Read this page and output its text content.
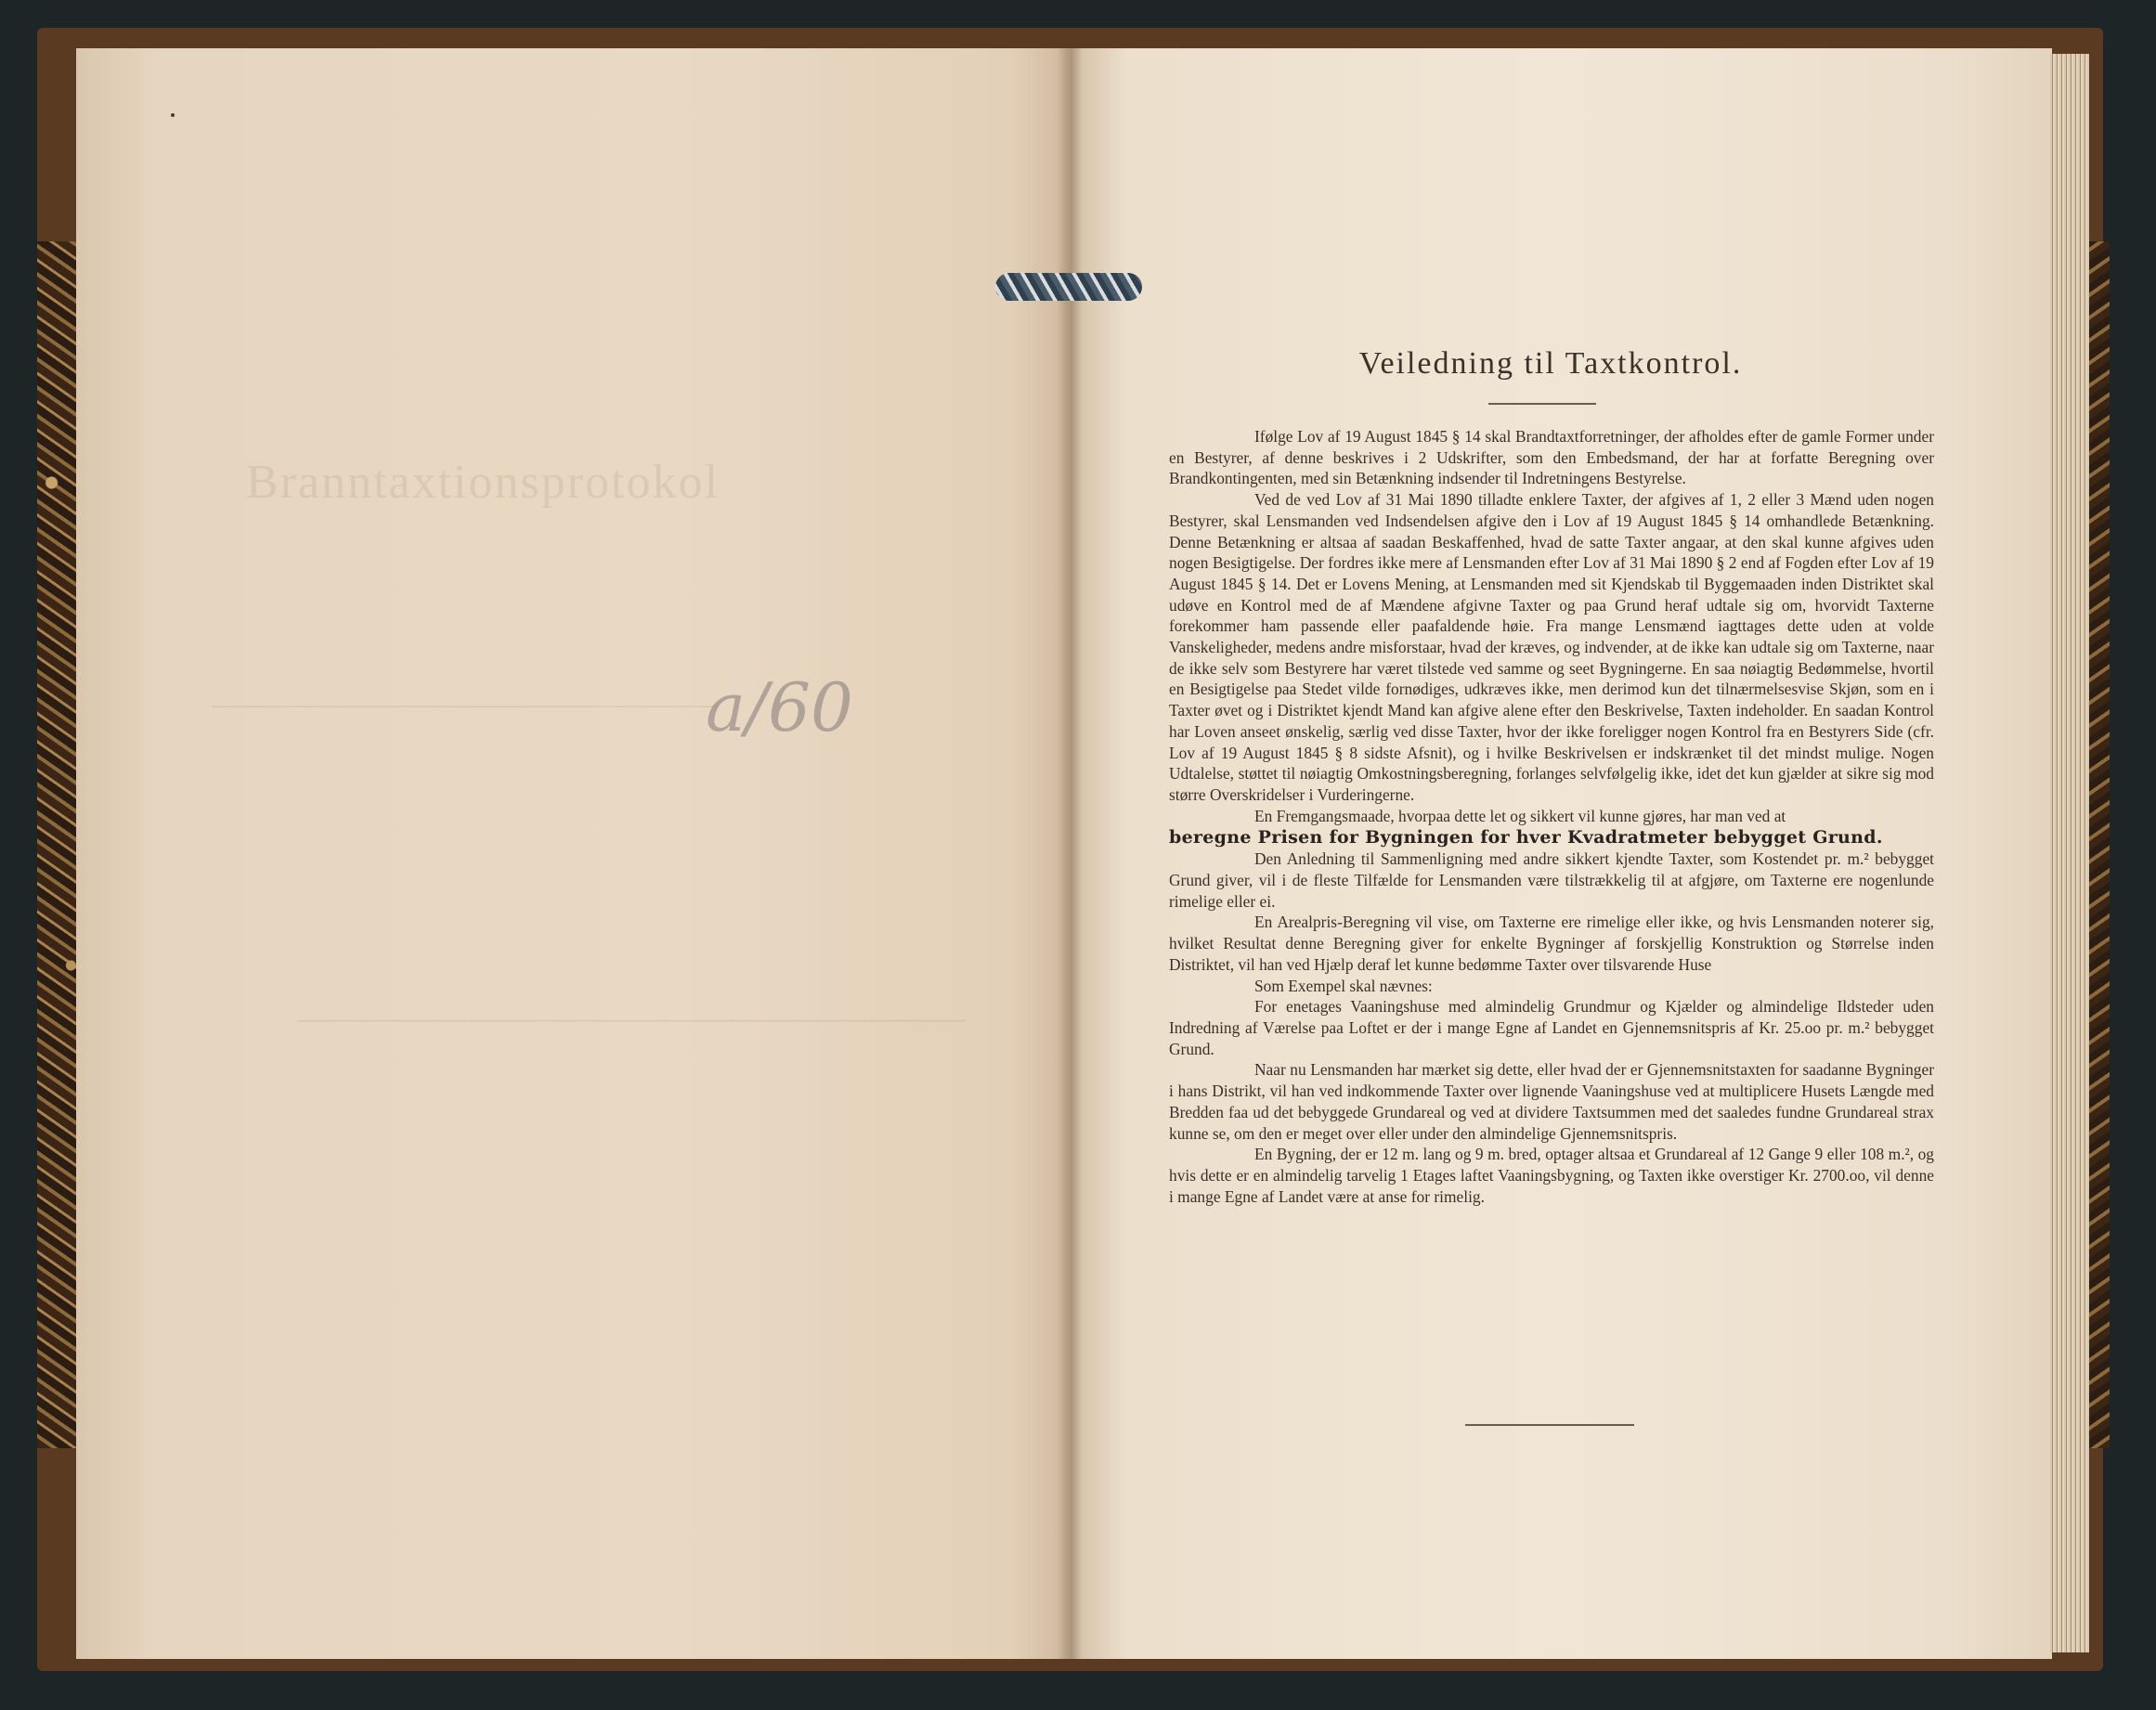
Branntaxtionsprotokol
————————————————
————————————————————
a/60
Veiledning til Taxtkontrol.

Ifølge Lov af 19 August 1845 § 14 skal Brandtaxtforretninger, der afholdes efter de gamle Former under en Bestyrer, af denne beskrives i 2 Udskrifter, som den Embedsmand, der har at forfatte Beregning over Brandkontingenten, med sin Betænkning indsender til Indretningens Bestyrelse.

Ved de ved Lov af 31 Mai 1890 tilladte enklere Taxter, der afgives af 1, 2 eller 3 Mænd uden nogen Bestyrer, skal Lensmanden ved Indsendelsen afgive den i Lov af 19 August 1845 § 14 omhandlede Betænkning. Denne Betænkning er altsaa af saadan Beskaffenhed, hvad de satte Taxter angaar, at den skal kunne afgives uden nogen Besigtigelse. Der fordres ikke mere af Lensmanden efter Lov af 31 Mai 1890 § 2 end af Fogden efter Lov af 19 August 1845 § 14. Det er Lovens Mening, at Lensmanden med sit Kjendskab til Byggemaaden inden Distriktet skal udøve en Kontrol med de af Mændene afgivne Taxter og paa Grund heraf udtale sig om, hvorvidt Taxterne forekommer ham passende eller paafaldende høie. Fra mange Lensmænd iagttages dette uden at volde Vanskeligheder, medens andre misforstaar, hvad der kræves, og indvender, at de ikke kan udtale sig om Taxterne, naar de ikke selv som Bestyrere har været tilstede ved samme og seet Bygningerne. En saa nøiagtig Bedømmelse, hvortil en Besigtigelse paa Stedet vilde fornødiges, udkræves ikke, men derimod kun det tilnærmelsesvise Skjøn, som en i Taxter øvet og i Distriktet kjendt Mand kan afgive alene efter den Beskrivelse, Taxten indeholder. En saadan Kontrol har Loven anseet ønskelig, særlig ved disse Taxter, hvor der ikke foreligger nogen Kontrol fra en Bestyrers Side (cfr. Lov af 19 August 1845 § 8 sidste Afsnit), og i hvilke Beskrivelsen er indskrænket til det mindst mulige. Nogen Udtalelse, støttet til nøiagtig Omkostningsberegning, forlanges selvfølgelig ikke, idet det kun gjælder at sikre sig mod større Overskridelser i Vurderingerne.

En Fremgangsmaade, hvorpaa dette let og sikkert vil kunne gjøres, har man ved at
beregne Prisen for Bygningen for hver Kvadratmeter bebygget Grund.

Den Anledning til Sammenligning med andre sikkert kjendte Taxter, som Kostendet pr. m.² bebygget Grund giver, vil i de fleste Tilfælde for Lensmanden være tilstrækkelig til at afgjøre, om Taxterne ere nogenlunde rimelige eller ei.

En Arealpris-Beregning vil vise, om Taxterne ere rimelige eller ikke, og hvis Lensmanden noterer sig, hvilket Resultat denne Beregning giver for enkelte Bygninger af forskjellig Konstruktion og Størrelse inden Distriktet, vil han ved Hjælp deraf let kunne bedømme Taxter over tilsvarende Huse

Som Exempel skal nævnes:

For enetages Vaaningshuse med almindelig Grundmur og Kjælder og almindelige Ildsteder uden Indredning af Værelse paa Loftet er der i mange Egne af Landet en Gjennemsnitspris af Kr. 25.oo pr. m.² bebygget Grund.

Naar nu Lensmanden har mærket sig dette, eller hvad der er Gjennemsnitstaxten for saadanne Bygninger i hans Distrikt, vil han ved indkommende Taxter over lignende Vaaningshuse ved at multiplicere Husets Længde med Bredden faa ud det bebyggede Grundareal og ved at dividere Taxtsummen med det saaledes fundne Grundareal strax kunne se, om den er meget over eller under den almindelige Gjennemsnitspris.

En Bygning, der er 12 m. lang og 9 m. bred, optager altsaa et Grundareal af 12 Gange 9 eller 108 m.², og hvis dette er en almindelig tarvelig 1 Etages laftet Vaaningsbygning, og Taxten ikke overstiger Kr. 2700.oo, vil denne i mange Egne af Landet være at anse for rimelig.
